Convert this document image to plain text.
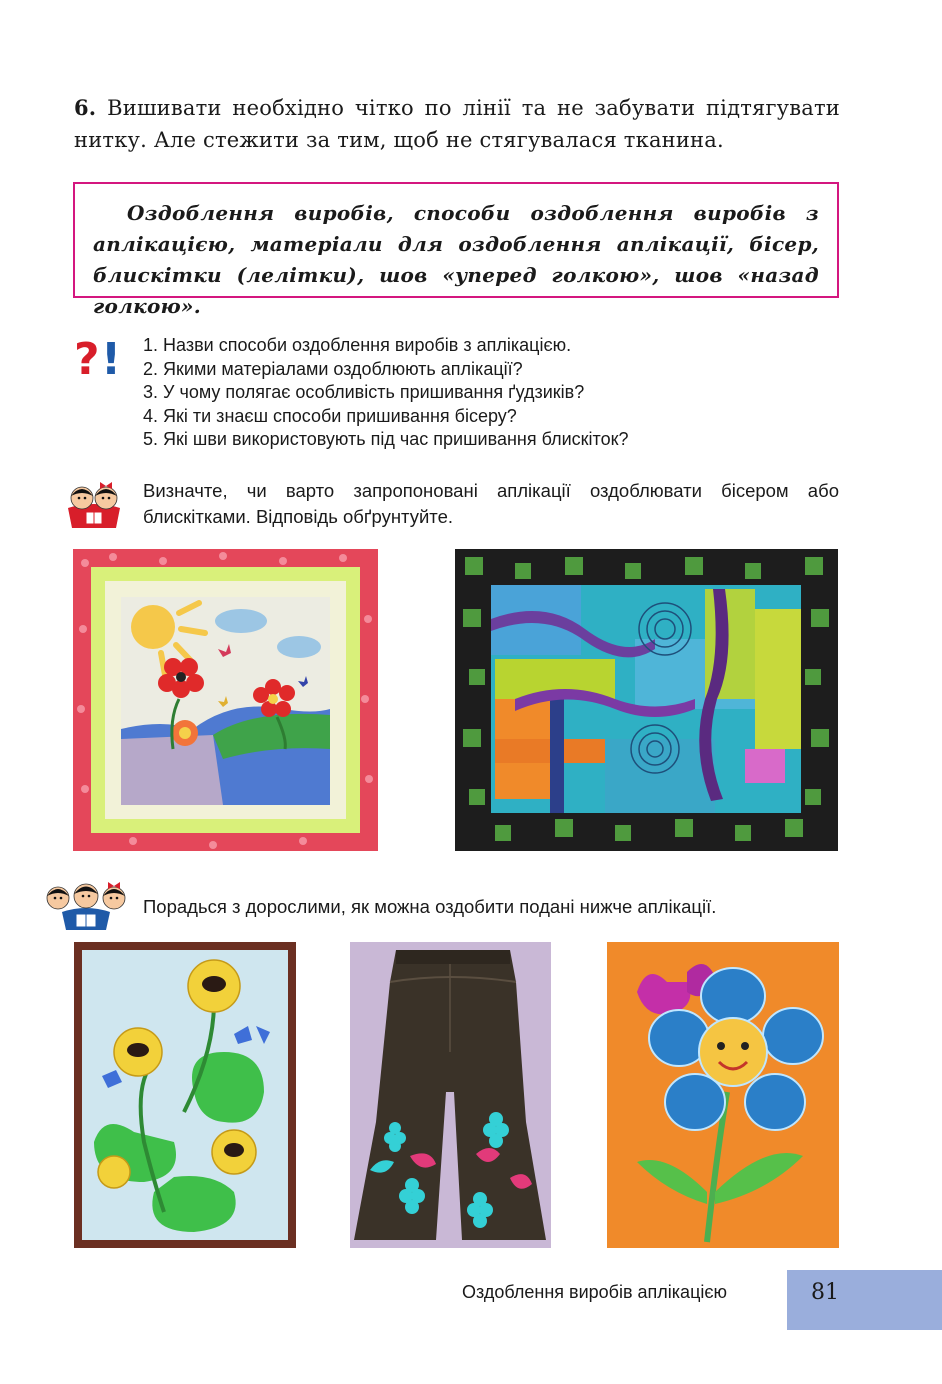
6. Вишивати необхідно чітко по лінії та не забувати підтягувати нитку. Але стежити за тим, щоб не стягувалася тканина.
Оздоблення виробів, способи оздоблення виробів з аплікацією, матеріали для оздоблення аплікації, бісер, блискітки (лелітки), шов «уперед голкою», шов «назад голкою».
? ! 1. Назви способи оздоблення виробів з аплікацією.
2. Якими матеріалами оздоблюють аплікації?
3. У чому полягає особливість пришивання ґудзиків?
4. Які ти знаєш способи пришивання бісеру?
5. Які шви використовують під час пришивання блискіток?
Визначте, чи варто запропоновані аплікації оздоблювати бісером або блискітками. Відповідь обґрунтуйте.
Порадься з дорослими, як можна оздобити подані нижче аплікації.
Оздоблення виробів аплікацією	81
